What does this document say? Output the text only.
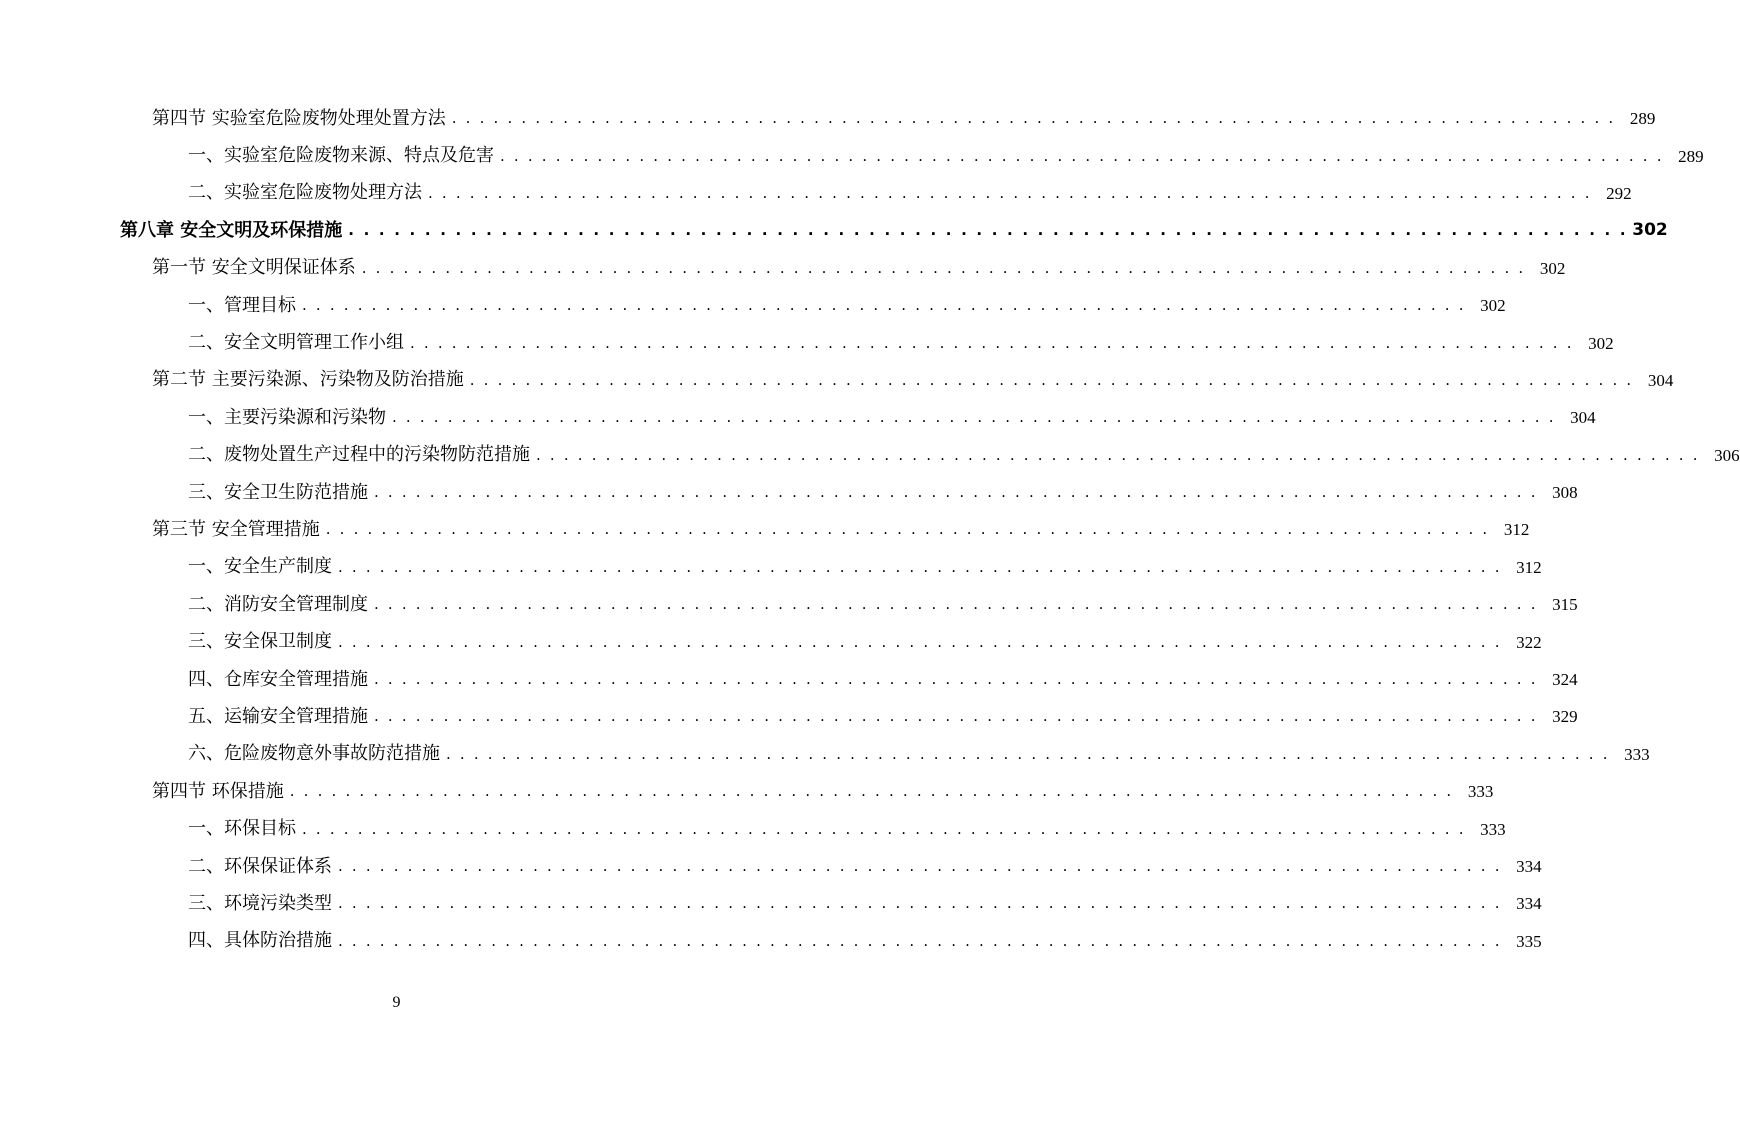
第四节 实验室危险废物处理处置方法 . . . . . . . . . . . . . . . . . . . . . . . . . . . . . . . . . . . . . . . . . . . . . . . . . . . . . . . . . . . . . . . . . . . . . . . . . . . . . . . . . . . . 289
一、实验室危险废物来源、特点及危害 . . . . . . . . . . . . . . . . . . . . . . . . . . . . . . . . . . . . . . . . . . . . . . . . . . . . . . . . . . . . . . . . . . . . . . . . . . . . . . . . . . . . 289
二、实验室危险废物处理方法 . . . . . . . . . . . . . . . . . . . . . . . . . . . . . . . . . . . . . . . . . . . . . . . . . . . . . . . . . . . . . . . . . . . . . . . . . . . . . . . . . . . . 292
第八章 安全文明及环保措施 . . . . . . . . . . . . . . . . . . . . . . . . . . . . . . . . . . . . . . . . . . . . . . . . . . . . . . . . . . . . . . . . . . . . . . . . . . . . . . . . . . . . 302
第一节 安全文明保证体系 . . . . . . . . . . . . . . . . . . . . . . . . . . . . . . . . . . . . . . . . . . . . . . . . . . . . . . . . . . . . . . . . . . . . . . . . . . . . . . . . . . . . 302
一、管理目标 . . . . . . . . . . . . . . . . . . . . . . . . . . . . . . . . . . . . . . . . . . . . . . . . . . . . . . . . . . . . . . . . . . . . . . . . . . . . . . . . . . . . 302
二、安全文明管理工作小组 . . . . . . . . . . . . . . . . . . . . . . . . . . . . . . . . . . . . . . . . . . . . . . . . . . . . . . . . . . . . . . . . . . . . . . . . . . . . . . . . . . . . 302
第二节 主要污染源、污染物及防治措施 . . . . . . . . . . . . . . . . . . . . . . . . . . . . . . . . . . . . . . . . . . . . . . . . . . . . . . . . . . . . . . . . . . . . . . . . . . . . . . . . . . . . 304
一、主要污染源和污染物 . . . . . . . . . . . . . . . . . . . . . . . . . . . . . . . . . . . . . . . . . . . . . . . . . . . . . . . . . . . . . . . . . . . . . . . . . . . . . . . . . . . . 304
二、废物处置生产过程中的污染物防范措施 . . . . . . . . . . . . . . . . . . . . . . . . . . . . . . . . . . . . . . . . . . . . . . . . . . . . . . . . . . . . . . . . . . . . . . . . . . . . . . . . . . . . 306
三、安全卫生防范措施 . . . . . . . . . . . . . . . . . . . . . . . . . . . . . . . . . . . . . . . . . . . . . . . . . . . . . . . . . . . . . . . . . . . . . . . . . . . . . . . . . . . . 308
第三节 安全管理措施 . . . . . . . . . . . . . . . . . . . . . . . . . . . . . . . . . . . . . . . . . . . . . . . . . . . . . . . . . . . . . . . . . . . . . . . . . . . . . . . . . . . . 312
一、安全生产制度 . . . . . . . . . . . . . . . . . . . . . . . . . . . . . . . . . . . . . . . . . . . . . . . . . . . . . . . . . . . . . . . . . . . . . . . . . . . . . . . . . . . . 312
二、消防安全管理制度 . . . . . . . . . . . . . . . . . . . . . . . . . . . . . . . . . . . . . . . . . . . . . . . . . . . . . . . . . . . . . . . . . . . . . . . . . . . . . . . . . . . . 315
三、安全保卫制度 . . . . . . . . . . . . . . . . . . . . . . . . . . . . . . . . . . . . . . . . . . . . . . . . . . . . . . . . . . . . . . . . . . . . . . . . . . . . . . . . . . . . 322
四、仓库安全管理措施 . . . . . . . . . . . . . . . . . . . . . . . . . . . . . . . . . . . . . . . . . . . . . . . . . . . . . . . . . . . . . . . . . . . . . . . . . . . . . . . . . . . . 324
五、运输安全管理措施 . . . . . . . . . . . . . . . . . . . . . . . . . . . . . . . . . . . . . . . . . . . . . . . . . . . . . . . . . . . . . . . . . . . . . . . . . . . . . . . . . . . . 329
六、危险废物意外事故防范措施 . . . . . . . . . . . . . . . . . . . . . . . . . . . . . . . . . . . . . . . . . . . . . . . . . . . . . . . . . . . . . . . . . . . . . . . . . . . . . . . . . . . . 333
第四节 环保措施 . . . . . . . . . . . . . . . . . . . . . . . . . . . . . . . . . . . . . . . . . . . . . . . . . . . . . . . . . . . . . . . . . . . . . . . . . . . . . . . . . . . . 333
一、环保目标 . . . . . . . . . . . . . . . . . . . . . . . . . . . . . . . . . . . . . . . . . . . . . . . . . . . . . . . . . . . . . . . . . . . . . . . . . . . . . . . . . . . . 333
二、环保保证体系 . . . . . . . . . . . . . . . . . . . . . . . . . . . . . . . . . . . . . . . . . . . . . . . . . . . . . . . . . . . . . . . . . . . . . . . . . . . . . . . . . . . . 334
三、环境污染类型 . . . . . . . . . . . . . . . . . . . . . . . . . . . . . . . . . . . . . . . . . . . . . . . . . . . . . . . . . . . . . . . . . . . . . . . . . . . . . . . . . . . . 334
四、具体防治措施 . . . . . . . . . . . . . . . . . . . . . . . . . . . . . . . . . . . . . . . . . . . . . . . . . . . . . . . . . . . . . . . . . . . . . . . . . . . . . . . . . . . . 335
9
